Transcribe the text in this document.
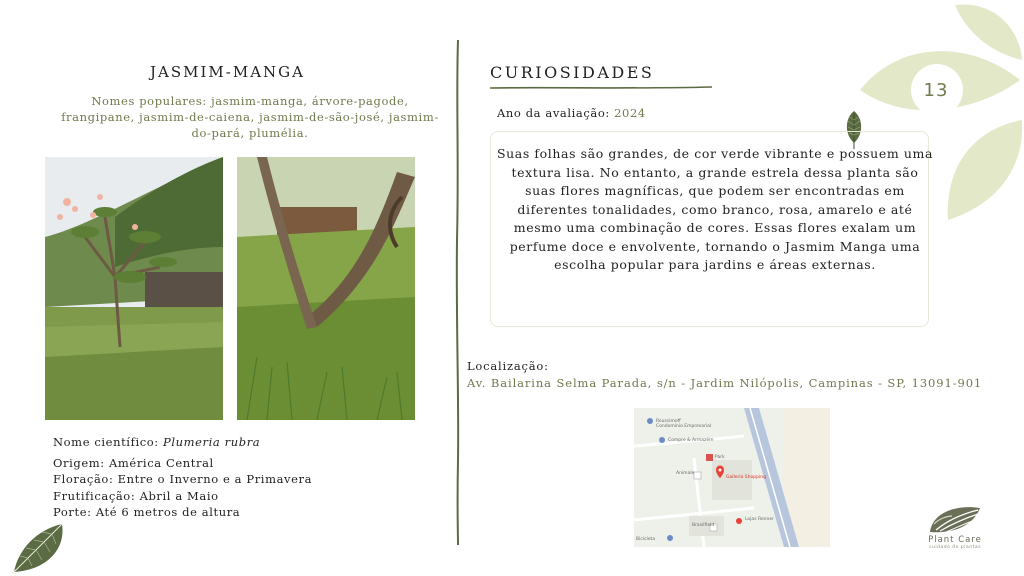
13
JASMIM-MANGA
Nomes populares: jasmim-manga, árvore-pagode, frangipane, jasmim-de-caiena, jasmim-de-são-josé, jasmim-do-pará, plumélia.
Nome científico: Plumeria rubra
Origem: América Central
Floração: Entre o Inverno e a Primavera
Frutificação: Abril a Maio
Porte: Até 6 metros de altura
CURIOSIDADES
Ano da avaliação: 2024
Suas folhas são grandes, de cor verde vibrante e possuem uma textura lisa. No entanto, a grande estrela dessa planta são suas flores magníficas, que podem ser encontradas em diferentes tonalidades, como branco, rosa, amarelo e até mesmo uma combinação de cores. Essas flores exalam um perfume doce e envolvente, tornando o Jasmim Manga uma escolha popular para jardins e áreas externas.
Localização:
Av. Bailarina Selma Parada, s/n - Jardim Nilópolis, Campinas - SP, 13091-901
Roussimoff
Condomínio Empresarial
Compre & Armazém
Park
Galleria Shopping
Animale
Brasilfield
Lojas Renner
Bicicleta	Plant Care
cuidado de plantas
